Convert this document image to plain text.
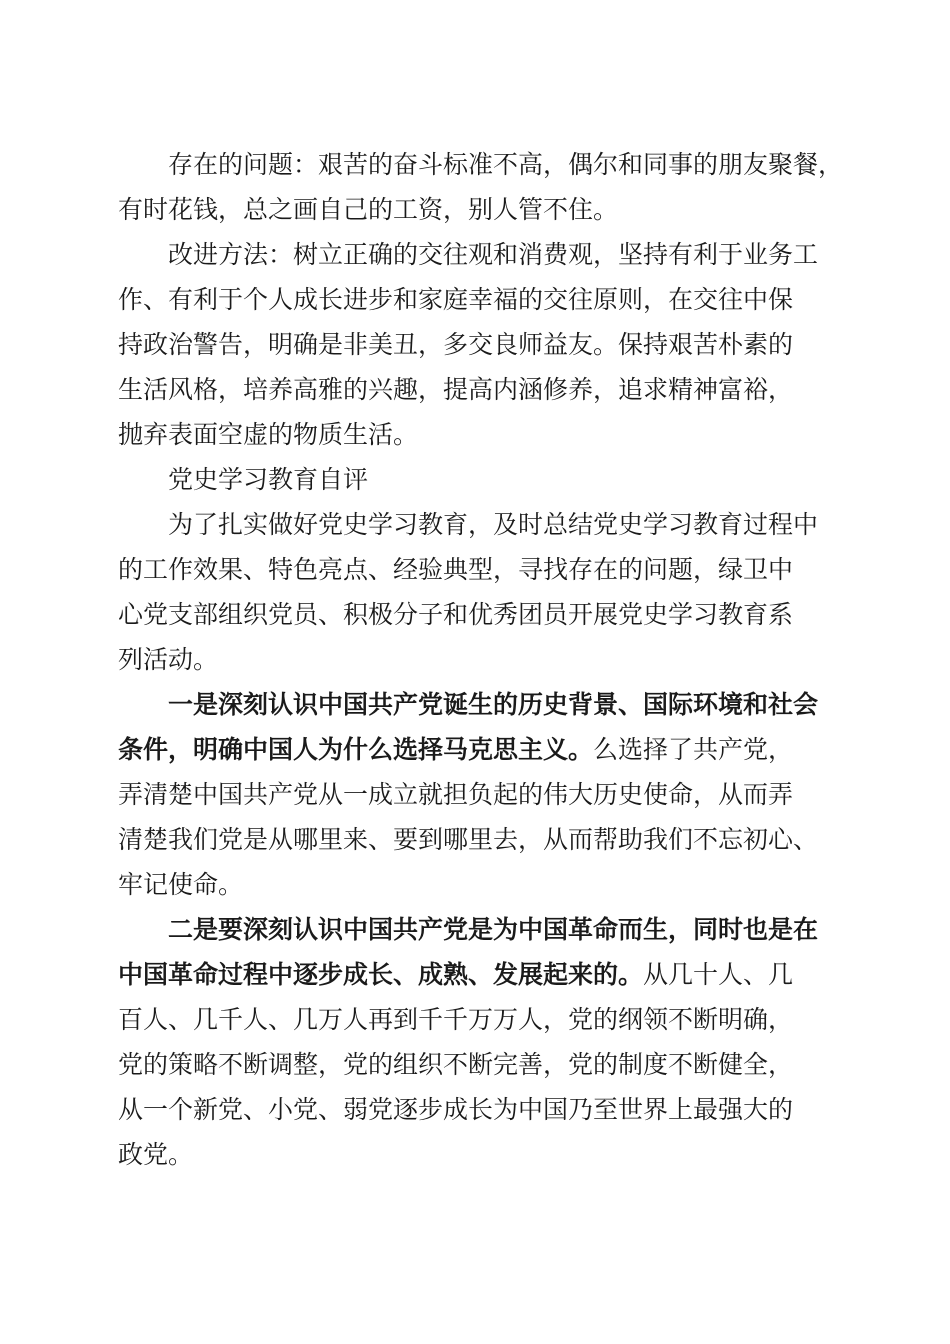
存在的问题：艰苦的奋斗标准不高，偶尔和同事的朋友聚餐，
有时花钱，总之画自己的工资，别人管不住。

改进方法：树立正确的交往观和消费观，坚持有利于业务工
作、有利于个人成长进步和家庭幸福的交往原则，在交往中保
持政治警告，明确是非美丑，多交良师益友。保持艰苦朴素的
生活风格，培养高雅的兴趣，提高内涵修养，追求精神富裕，
抛弃表面空虚的物质生活。

党史学习教育自评

为了扎实做好党史学习教育，及时总结党史学习教育过程中
的工作效果、特色亮点、经验典型，寻找存在的问题，绿卫中
心党支部组织党员、积极分子和优秀团员开展党史学习教育系
列活动。

一是深刻认识中国共产党诞生的历史背景、国际环境和社会
条件，明确中国人为什么选择马克思主义。么选择了共产党，
弄清楚中国共产党从一成立就担负起的伟大历史使命，从而弄
清楚我们党是从哪里来、要到哪里去，从而帮助我们不忘初心、
牢记使命。

二是要深刻认识中国共产党是为中国革命而生，同时也是在
中国革命过程中逐步成长、成熟、发展起来的。从几十人、几
百人、几千人、几万人再到千千万万人，党的纲领不断明确，
党的策略不断调整，党的组织不断完善，党的制度不断健全，
从一个新党、小党、弱党逐步成长为中国乃至世界上最强大的
政党。
